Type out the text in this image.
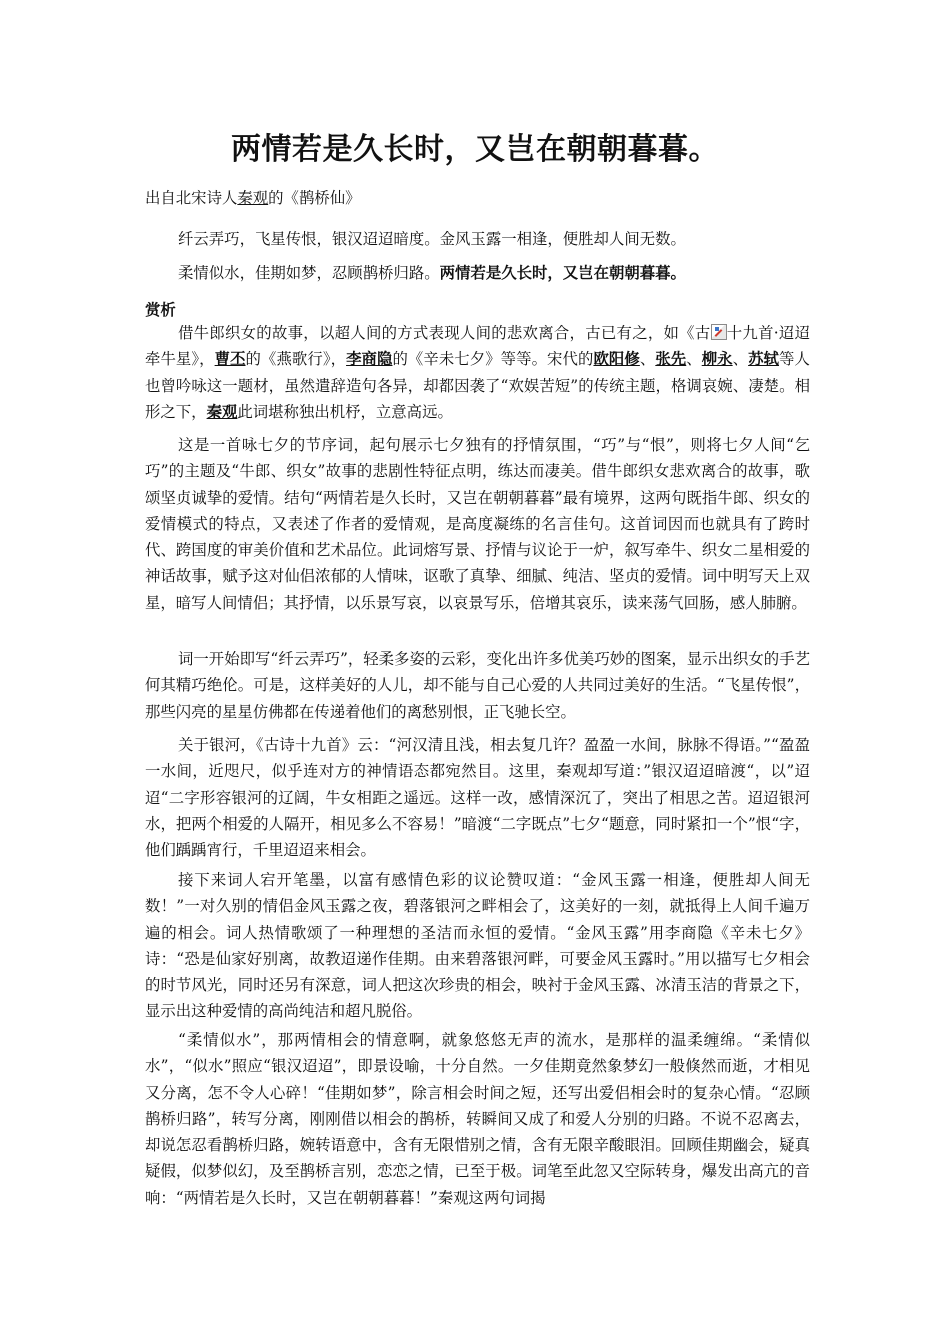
两情若是久长时，又岂在朝朝暮暮。
出自北宋诗人秦观的《鹊桥仙》
纤云弄巧，飞星传恨，银汉迢迢暗度。金风玉露一相逢，便胜却人间无数。
柔情似水，佳期如梦，忍顾鹊桥归路。两情若是久长时，又岂在朝朝暮暮。
赏析

借牛郎织女的故事，以超人间的方式表现人间的悲欢离合，古已有之，如《古 十九首·迢迢牵牛星》，曹丕的《燕歌行》，李商隐的《辛未七夕》等等。宋代的欧阳修、张先、柳永、苏轼等人也曾吟咏这一题材，虽然遣辞造句各异，却都因袭了“欢娱苦短”的传统主题，格调哀婉、凄楚。相形之下，秦观此词堪称独出机杼，立意高远。

这是一首咏七夕的节序词，起句展示七夕独有的抒情氛围，“巧”与“恨”，则将七夕人间“乞巧”的主题及“牛郎、织女”故事的悲剧性特征点明，练达而凄美。借牛郎织女悲欢离合的故事，歌颂坚贞诚挚的爱情。结句“两情若是久长时，又岂在朝朝暮暮”最有境界，这两句既指牛郎、织女的爱情模式的特点，又表述了作者的爱情观，是高度凝练的名言佳句。这首词因而也就具有了跨时代、跨国度的审美价值和艺术品位。此词熔写景、抒情与议论于一炉，叙写牵牛、织女二星相爱的神话故事，赋予这对仙侣浓郁的人情味，讴歌了真挚、细腻、纯洁、坚贞的爱情。词中明写天上双星，暗写人间情侣；其抒情，以乐景写哀，以哀景写乐，倍增其哀乐，读来荡气回肠，感人肺腑。

词一开始即写“纤云弄巧”，轻柔多姿的云彩，变化出许多优美巧妙的图案，显示出织女的手艺何其精巧绝伦。可是，这样美好的人儿，却不能与自己心爱的人共同过美好的生活。“飞星传恨”，那些闪亮的星星仿佛都在传递着他们的离愁别恨，正飞驰长空。

关于银河，《古诗十九首》云：“河汉清且浅，相去复几许？盈盈一水间，脉脉不得语。”“盈盈一水间，近咫尺，似乎连对方的神情语态都宛然目。这里，秦观却写道：”银汉迢迢暗渡“，以”迢迢“二字形容银河的辽阔，牛女相距之遥远。这样一改，感情深沉了，突出了相思之苦。迢迢银河水，把两个相爱的人隔开，相见多么不容易！”暗渡“二字既点”七夕“题意，同时紧扣一个”恨“字，他们踽踽宵行，千里迢迢来相会。

接下来词人宕开笔墨，以富有感情色彩的议论赞叹道：“金风玉露一相逢，便胜却人间无数！”一对久别的情侣金风玉露之夜，碧落银河之畔相会了，这美好的一刻，就抵得上人间千遍万遍的相会。词人热情歌颂了一种理想的圣洁而永恒的爱情。“金风玉露”用李商隐《辛未七夕》诗：“恐是仙家好别离，故教迢递作佳期。由来碧落银河畔，可要金风玉露时。”用以描写七夕相会的时节风光，同时还另有深意，词人把这次珍贵的相会，映衬于金风玉露、冰清玉洁的背景之下，显示出这种爱情的高尚纯洁和超凡脱俗。

“柔情似水”，那两情相会的情意啊，就象悠悠无声的流水，是那样的温柔缠绵。“柔情似水”，“似水”照应“银汉迢迢”，即景设喻，十分自然。一夕佳期竟然象梦幻一般倏然而逝，才相见又分离，怎不令人心碎！“佳期如梦”，除言相会时间之短，还写出爱侣相会时的复杂心情。“忍顾鹊桥归路”，转写分离，刚刚借以相会的鹊桥，转瞬间又成了和爱人分别的归路。不说不忍离去，却说怎忍看鹊桥归路，婉转语意中，含有无限惜别之情，含有无限辛酸眼泪。回顾佳期幽会，疑真疑假，似梦似幻，及至鹊桥言别，恋恋之情，已至于极。词笔至此忽又空际转身，爆发出高亢的音响：“两情若是久长时，又岂在朝朝暮暮！”秦观这两句词揭
